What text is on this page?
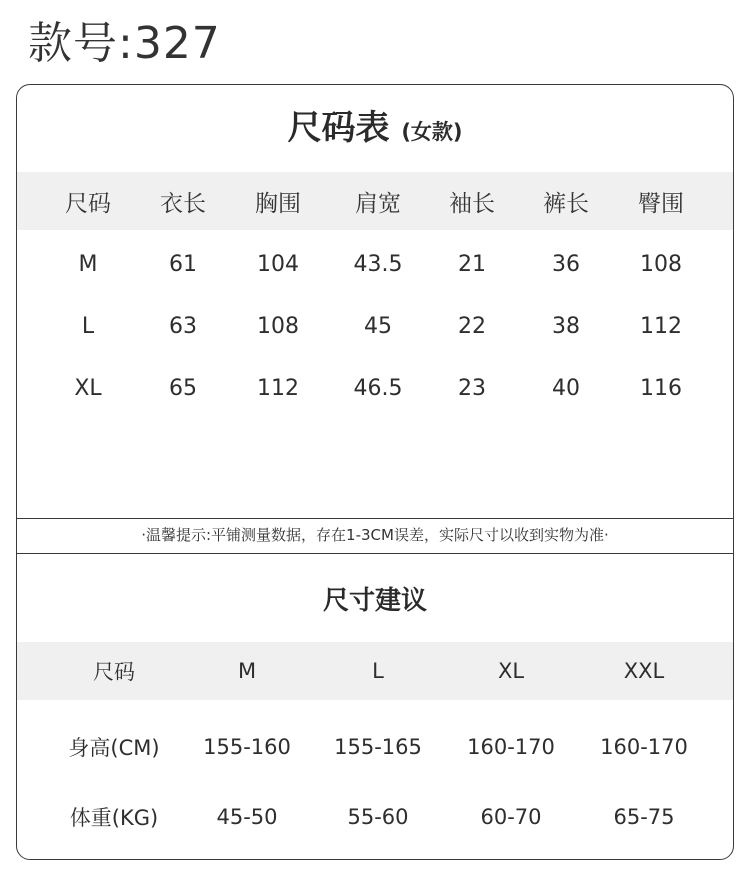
款号:327
尺码表 (女款)
尺码 衣长 胸围 肩宽 袖长 裤长 臀围
M	61	104 43.5	21	36	108
L	63	108	45	22	38	112
XL	65	112 46.5	23	40	116
·温馨提示:平铺测量数据，存在1-3CM误差，实际尺寸以收到实物为准·
尺寸建议
尺码	M	L	XL	XXL
身高(CM) 155-160 155-165 160-170 160-170
体重(KG)	45-50	55-60	60-70	65-75
